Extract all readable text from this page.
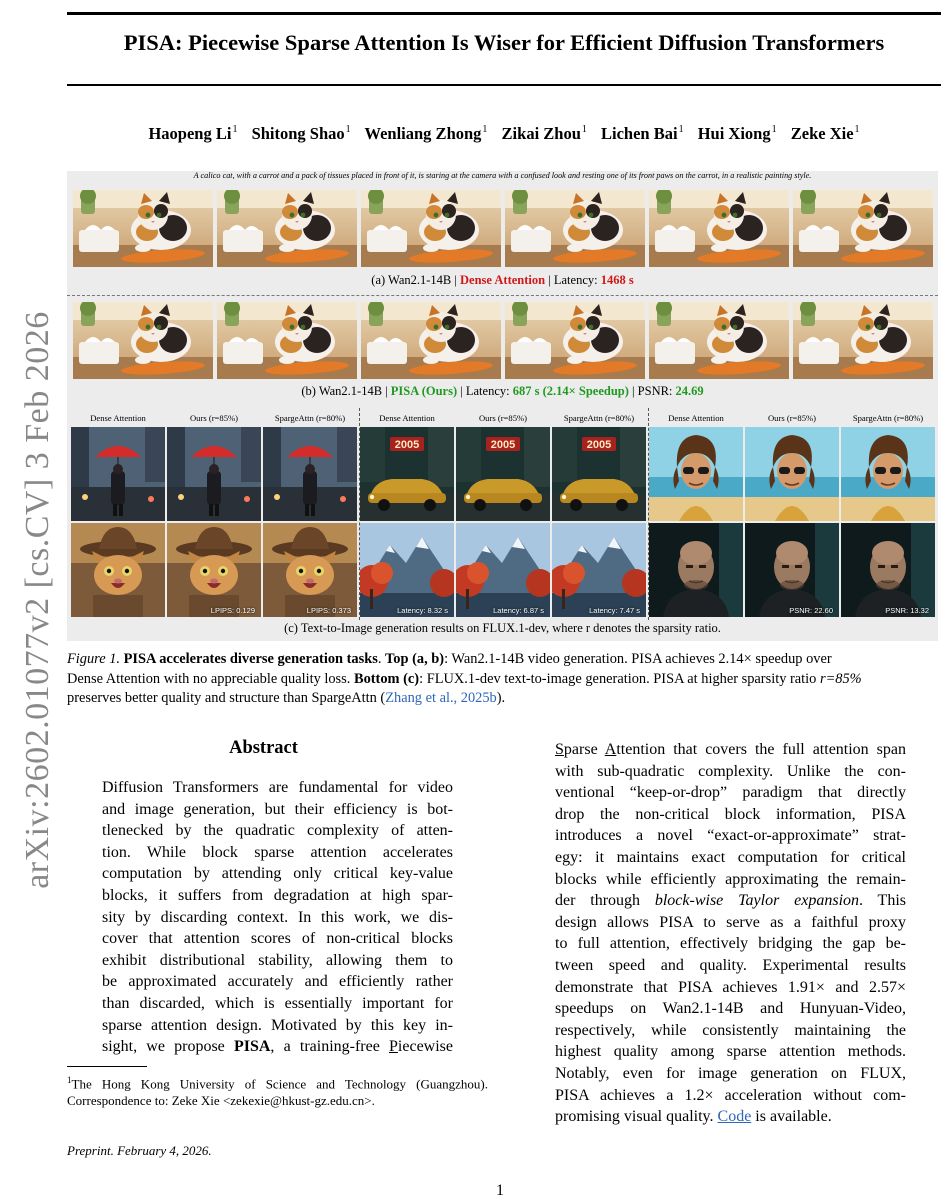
arXiv:2602.01077v2 [cs.CV] 3 Feb 2026
PISA: Piecewise Sparse Attention Is Wiser for Efficient Diffusion Transformers
Haopeng Li$^1$ Shitong Shao$^1$ Wenliang Zhong$^1$ Zikai Zhou$^1$ Lichen Bai$^1$ Hui Xiong$^1$ Zeke Xie$^1$
A calico cat, with a carrot and a pack of tissues placed in front of it, is staring at the camera with a confused look and resting one of its front paws on the carrot, in a realistic painting style.
(a) Wan2.1-14B | Dense Attention | Latency: 1468 s
(b) Wan2.1-14B | PISA (Ours) | Latency: 687 s (2.14× Speedup) | PSNR: 24.69
Dense Attention	Ours (r=85%)	SpargeAttn (r=80%)	Dense Attention	Ours (r=85%)	SpargeAttn (r=80%)	Dense Attention	Ours (r=85%)	SpargeAttn (r=80%)
LPIPS: 0.129	LPIPS: 0.373	Latency: 8.32 s	Latency: 6.87 s	Latency: 7.47 s	PSNR: 22.60	PSNR: 13.32
(c) Text-to-Image generation results on FLUX.1-dev, where r denotes the sparsity ratio.
Figure 1. PISA accelerates diverse generation tasks. Top (a, b): Wan2.1-14B video generation. PISA achieves 2.14× speedup over
Dense Attention with no appreciable quality loss. Bottom (c): FLUX.1-dev text-to-image generation. PISA at higher sparsity ratio r=85%
preserves better quality and structure than SpargeAttn (Zhang et al., 2025b).
Abstract
Diffusion Transformers are fundamental for video
and image generation, but their efficiency is bot-
tlenecked by the quadratic complexity of atten-
tion. While block sparse attention accelerates
computation by attending only critical key-value
blocks, it suffers from degradation at high spar-
sity by discarding context. In this work, we dis-
cover that attention scores of non-critical blocks
exhibit distributional stability, allowing them to
be approximated accurately and efficiently rather
than discarded, which is essentially important for
sparse attention design. Motivated by this key in-
sight, we propose PISA, a training-free Piecewise
Sparse Attention that covers the full attention span
with sub-quadratic complexity. Unlike the con-
ventional “keep-or-drop” paradigm that directly
drop the non-critical block information, PISA
introduces a novel “exact-or-approximate” strat-
egy: it maintains exact computation for critical
blocks while efficiently approximating the remain-
der through block-wise Taylor expansion. This
design allows PISA to serve as a faithful proxy
to full attention, effectively bridging the gap be-
tween speed and quality. Experimental results
demonstrate that PISA achieves 1.91× and 2.57×
speedups on Wan2.1-14B and Hunyuan-Video,
respectively, while consistently maintaining the
highest quality among sparse attention methods.
Notably, even for image generation on FLUX,
PISA achieves a 1.2× acceleration without com-
promising visual quality. Code is available.
$^1$The Hong Kong University of Science and Technology (Guangzhou). Correspondence to: Zeke Xie <zekexie@hkust-gz.edu.cn>.
Preprint. February 4, 2026.
1
